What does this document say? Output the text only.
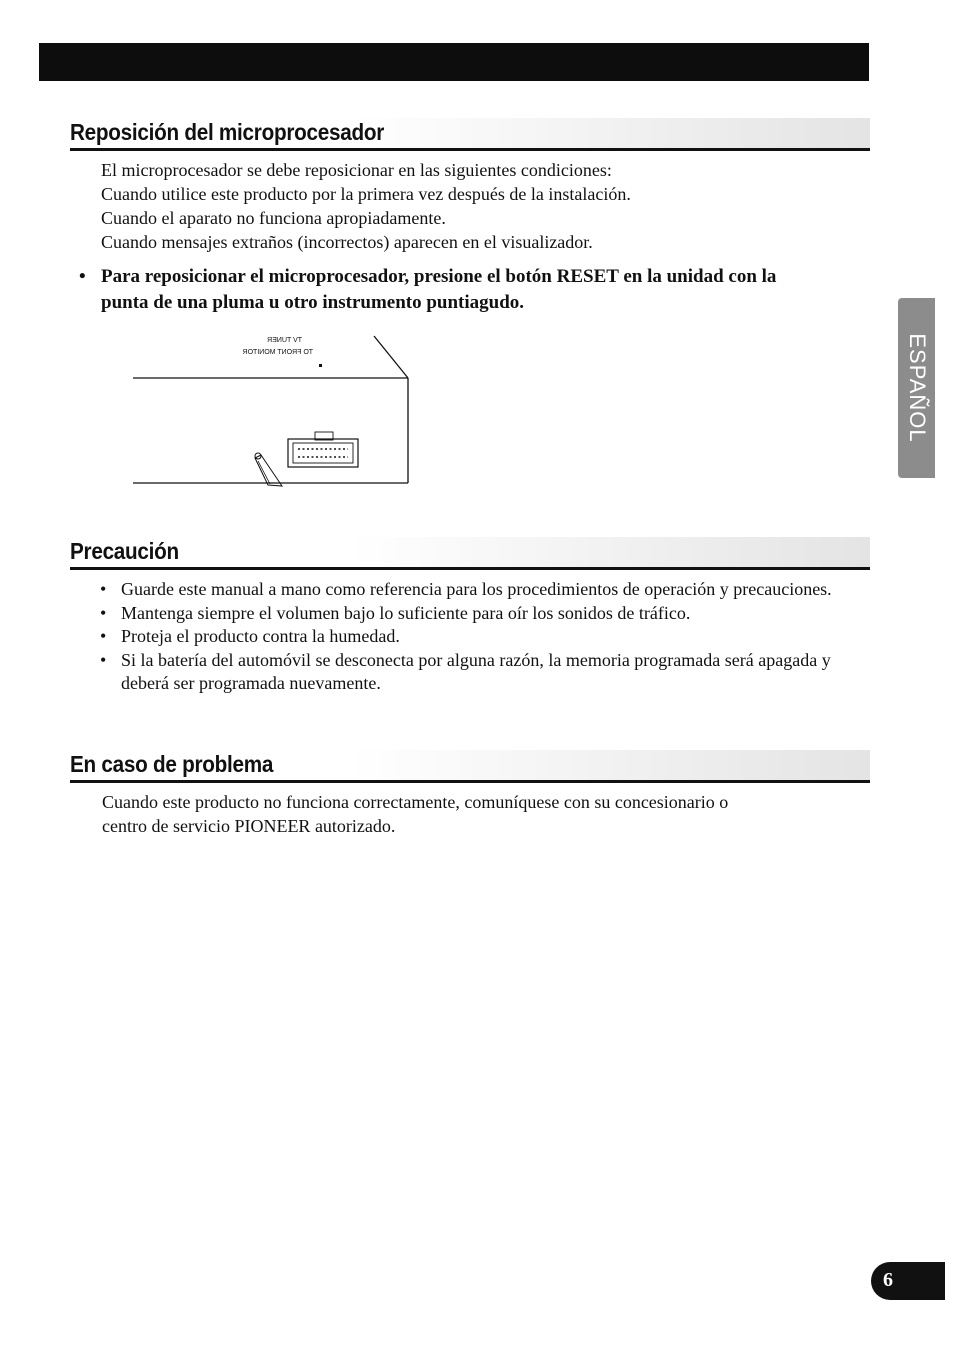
Reposición del microprocesador
El microprocesador se debe reposicionar en las siguientes condiciones:
Cuando utilice este producto por la primera vez después de la instalación.
Cuando el aparato no funciona apropiadamente.
Cuando mensajes extraños (incorrectos) aparecen en el visualizador.
• Para reposicionar el microprocesador, presione el botón RESET en la unidad con la punta de una pluma u otro instrumento puntiagudo.
TV TUNER
TO FRONT MONITOR
Precaución
• Guarde este manual a mano como referencia para los procedimientos de operación y precauciones.
• Mantenga siempre el volumen bajo lo suficiente para oír los sonidos de tráfico.
• Proteja el producto contra la humedad.
• Si la batería del automóvil se desconecta por alguna razón, la memoria programada será apagada y deberá ser programada nuevamente.
En caso de problema
Cuando este producto no funciona correctamente, comuníquese con su concesionario o
centro de servicio PIONEER autorizado.
ESPAÑOL
6
